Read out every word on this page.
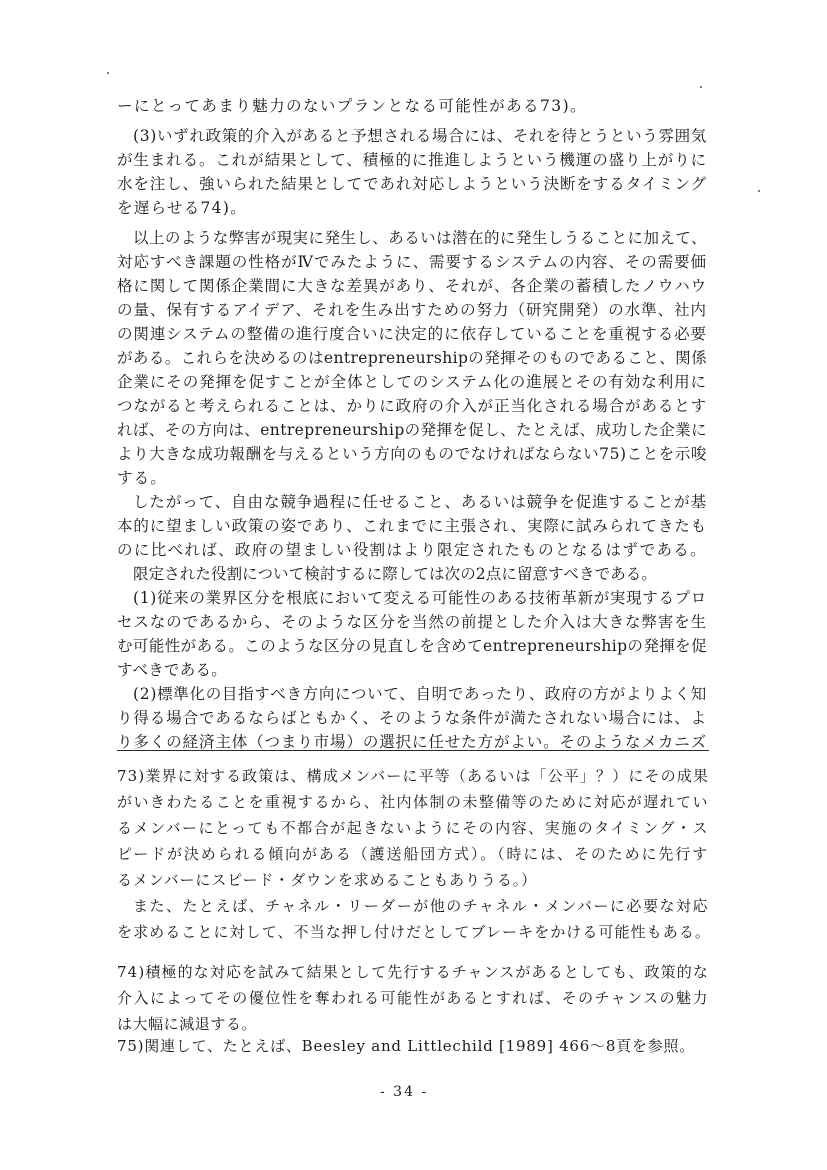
ーにとってあまり魅力のないプランとなる可能性がある73)。
(3)いずれ政策的介入があると予想される場合には、それを待とうという雰囲気
が生まれる。これが結果として、積極的に推進しようという機運の盛り上がりに
水を注し、強いられた結果としてであれ対応しようという決断をするタイミング
を遅らせる74)。
以上のような弊害が現実に発生し、あるいは潜在的に発生しうることに加えて、
対応すべき課題の性格がⅣでみたように、需要するシステムの内容、その需要価
格に関して関係企業間に大きな差異があり、それが、各企業の蓄積したノウハウ
の量、保有するアイデア、それを生み出すための努力（研究開発）の水準、社内
の関連システムの整備の進行度合いに決定的に依存していることを重視する必要
がある。これらを決めるのはentrepreneurshipの発揮そのものであること、関係
企業にその発揮を促すことが全体としてのシステム化の進展とその有効な利用に
つながると考えられることは、かりに政府の介入が正当化される場合があるとす
れば、その方向は、entrepreneurshipの発揮を促し、たとえば、成功した企業に
より大きな成功報酬を与えるという方向のものでなければならない75)ことを示唆
する。
したがって、自由な競争過程に任せること、あるいは競争を促進することが基
本的に望ましい政策の姿であり、これまでに主張され、実際に試みられてきたも
のに比べれば、政府の望ましい役割はより限定されたものとなるはずである。
限定された役割について検討するに際しては次の2点に留意すべきである。
(1)従来の業界区分を根底において変える可能性のある技術革新が実現するプロ
セスなのであるから、そのような区分を当然の前提とした介入は大きな弊害を生
む可能性がある。このような区分の見直しを含めてentrepreneurshipの発揮を促
すべきである。
(2)標準化の目指すべき方向について、自明であったり、政府の方がよりよく知
り得る場合であるならばともかく、そのような条件が満たされない場合には、よ
り多くの経済主体（つまり市場）の選択に任せた方がよい。そのようなメカニズ
73)業界に対する政策は、構成メンバーに平等（あるいは「公平」？）にその成果
がいきわたることを重視するから、社内体制の未整備等のために対応が遅れてい
るメンバーにとっても不都合が起きないようにその内容、実施のタイミング・ス
ピードが決められる傾向がある（護送船団方式）。（時には、そのために先行す
るメンバーにスピード・ダウンを求めることもありうる。）
また、たとえば、チャネル・リーダーが他のチャネル・メンバーに必要な対応
を求めることに対して、不当な押し付けだとしてブレーキをかける可能性もある。
74)積極的な対応を試みて結果として先行するチャンスがあるとしても、政策的な
介入によってその優位性を奪われる可能性があるとすれば、そのチャンスの魅力
は大幅に減退する。
75)関連して、たとえば、Beesley and Littlechild [1989] 466～8頁を参照。
- 34 -
